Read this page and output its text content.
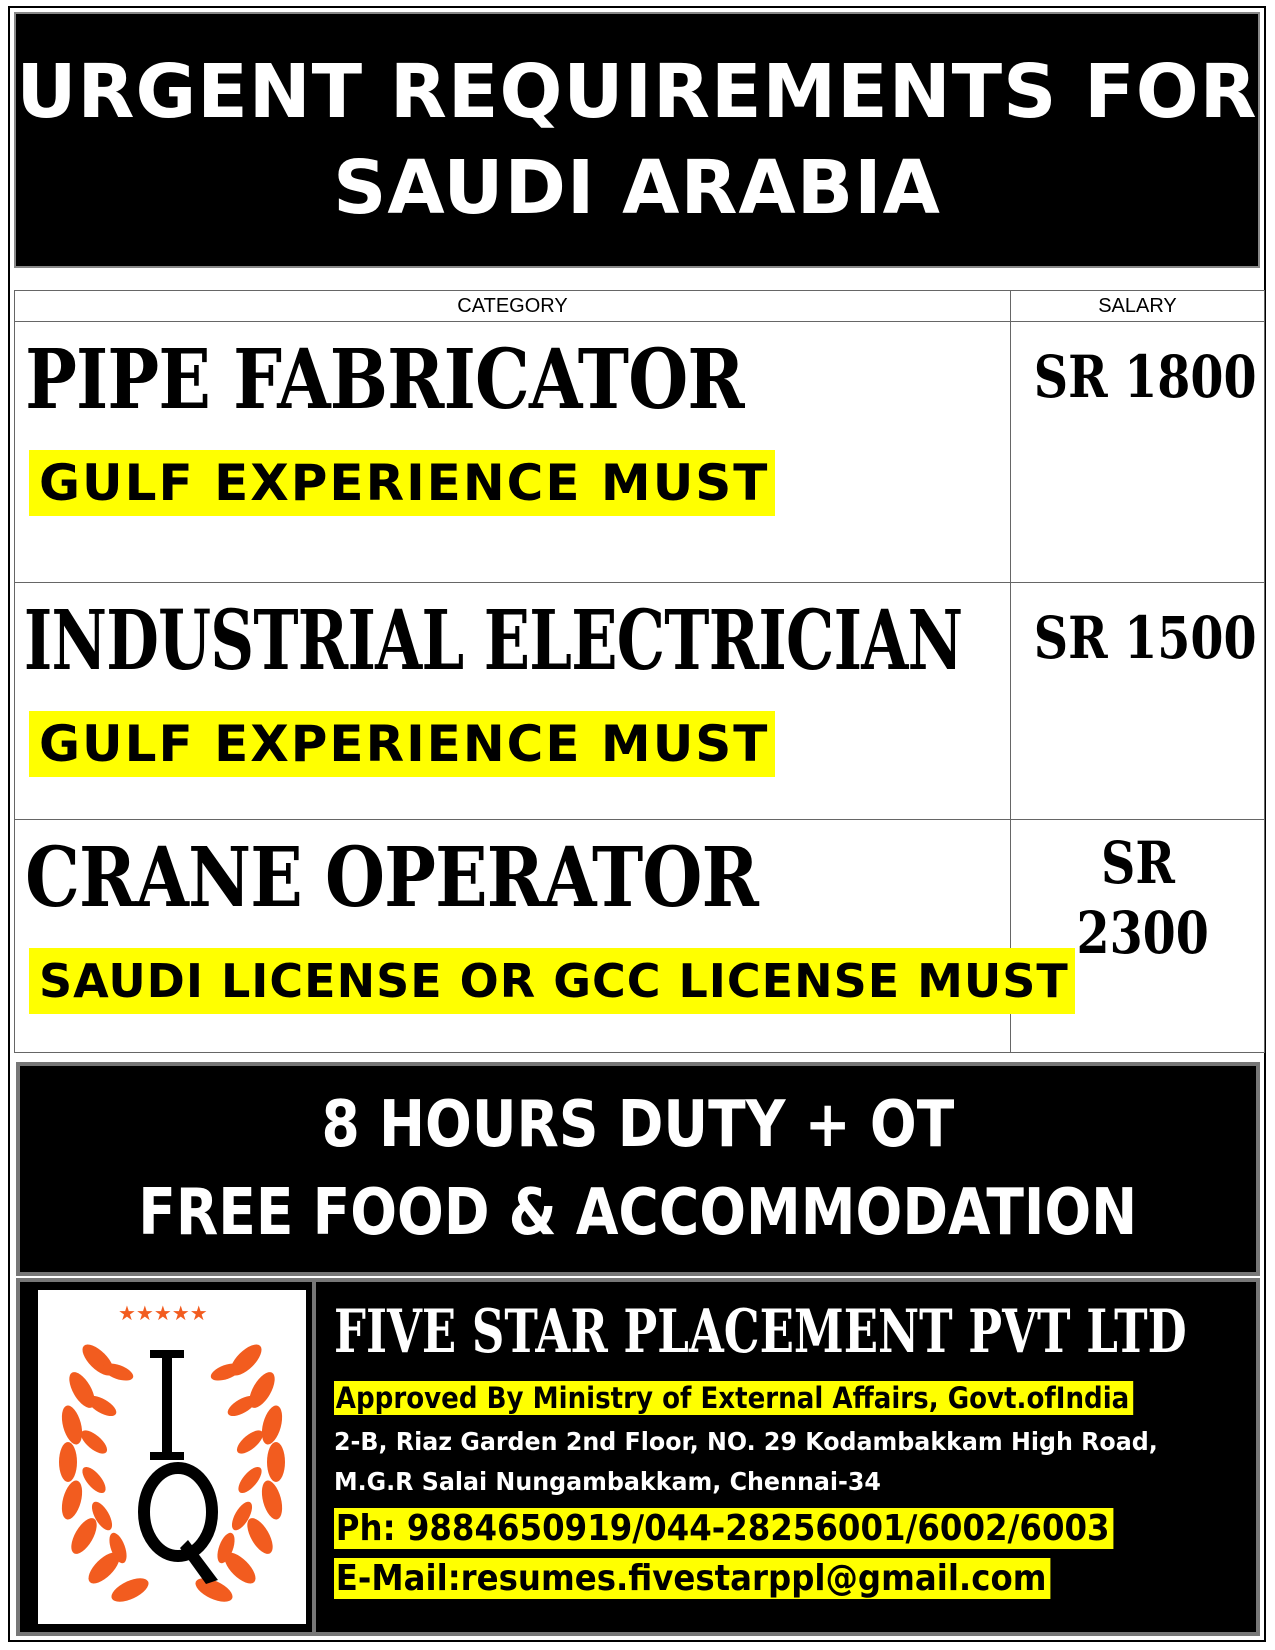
URGENT REQUIREMENTS FOR
SAUDI ARABIA
CATEGORY	SALARY

PIPE FABRICATOR
GULF EXPERIENCE MUST	SR 1800

INDUSTRIAL ELECTRICIAN
GULF EXPERIENCE MUST	SR 1500

CRANE OPERATOR
SAUDI LICENSE OR GCC LICENSE MUST	SR 2300
8 HOURS DUTY + OT
FREE FOOD & ACCOMMODATION
★★★★★ FIVE STAR PLACEMENT PVT LTD
Approved By Ministry of External Affairs, Govt.ofIndia
2-B, Riaz Garden 2nd Floor, NO. 29 Kodambakkam High Road,
M.G.R Salai Nungambakkam, Chennai-34
Ph: 9884650919/044-28256001/6002/6003
E-Mail:resumes.fivestarppl@gmail.com
